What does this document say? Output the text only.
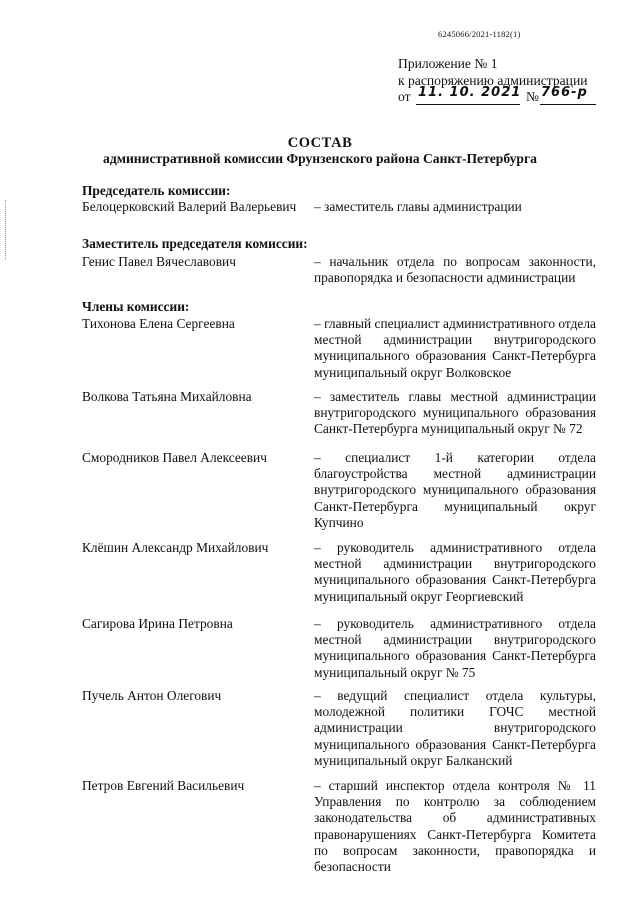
6245066/2021-1182(1)
Приложение № 1
к распоряжению администрации
от 11. 10. 2021 № 766-р
СОСТАВ
административной комиссии Фрунзенского района Санкт-Петербурга
Председатель комиссии:
Белоцерковский Валерий Валерьевич	– заместитель главы администрации
Заместитель председателя комиссии:
Генис Павел Вячеславович	– начальник отдела по вопросам законности, правопорядка и безопасности администрации
Члены комиссии:
Тихонова Елена Сергеевна	– главный специалист административного отдела местной администрации внутригородского муниципального образования Санкт-Петербурга муниципальный округ Волковское
Волкова Татьяна Михайловна	– заместитель главы местной администрации внутригородского муниципального образования Санкт-Петербурга муниципальный округ № 72
Смородников Павел Алексеевич	– специалист 1-й категории отдела благоустройства местной администрации внутригородского муниципального образования Санкт-Петербурга муниципальный округ Купчино
Клёшин Александр Михайлович	– руководитель административного отдела местной администрации внутригородского муниципального образования Санкт-Петербурга муниципальный округ Георгиевский
Сагирова Ирина Петровна	– руководитель административного отдела местной администрации внутригородского муниципального образования Санкт-Петербурга муниципальный округ № 75
Пучель Антон Олегович	– ведущий специалист отдела культуры, молодежной политики ГОЧС местной администрации внутригородского муниципального образования Санкт-Петербурга муниципальный округ Балканский
Петров Евгений Васильевич	– старший инспектор отдела контроля № 11 Управления по контролю за соблюдением законодательства об административных правонарушениях Санкт-Петербурга Комитета по вопросам законности, правопорядка и безопасности
